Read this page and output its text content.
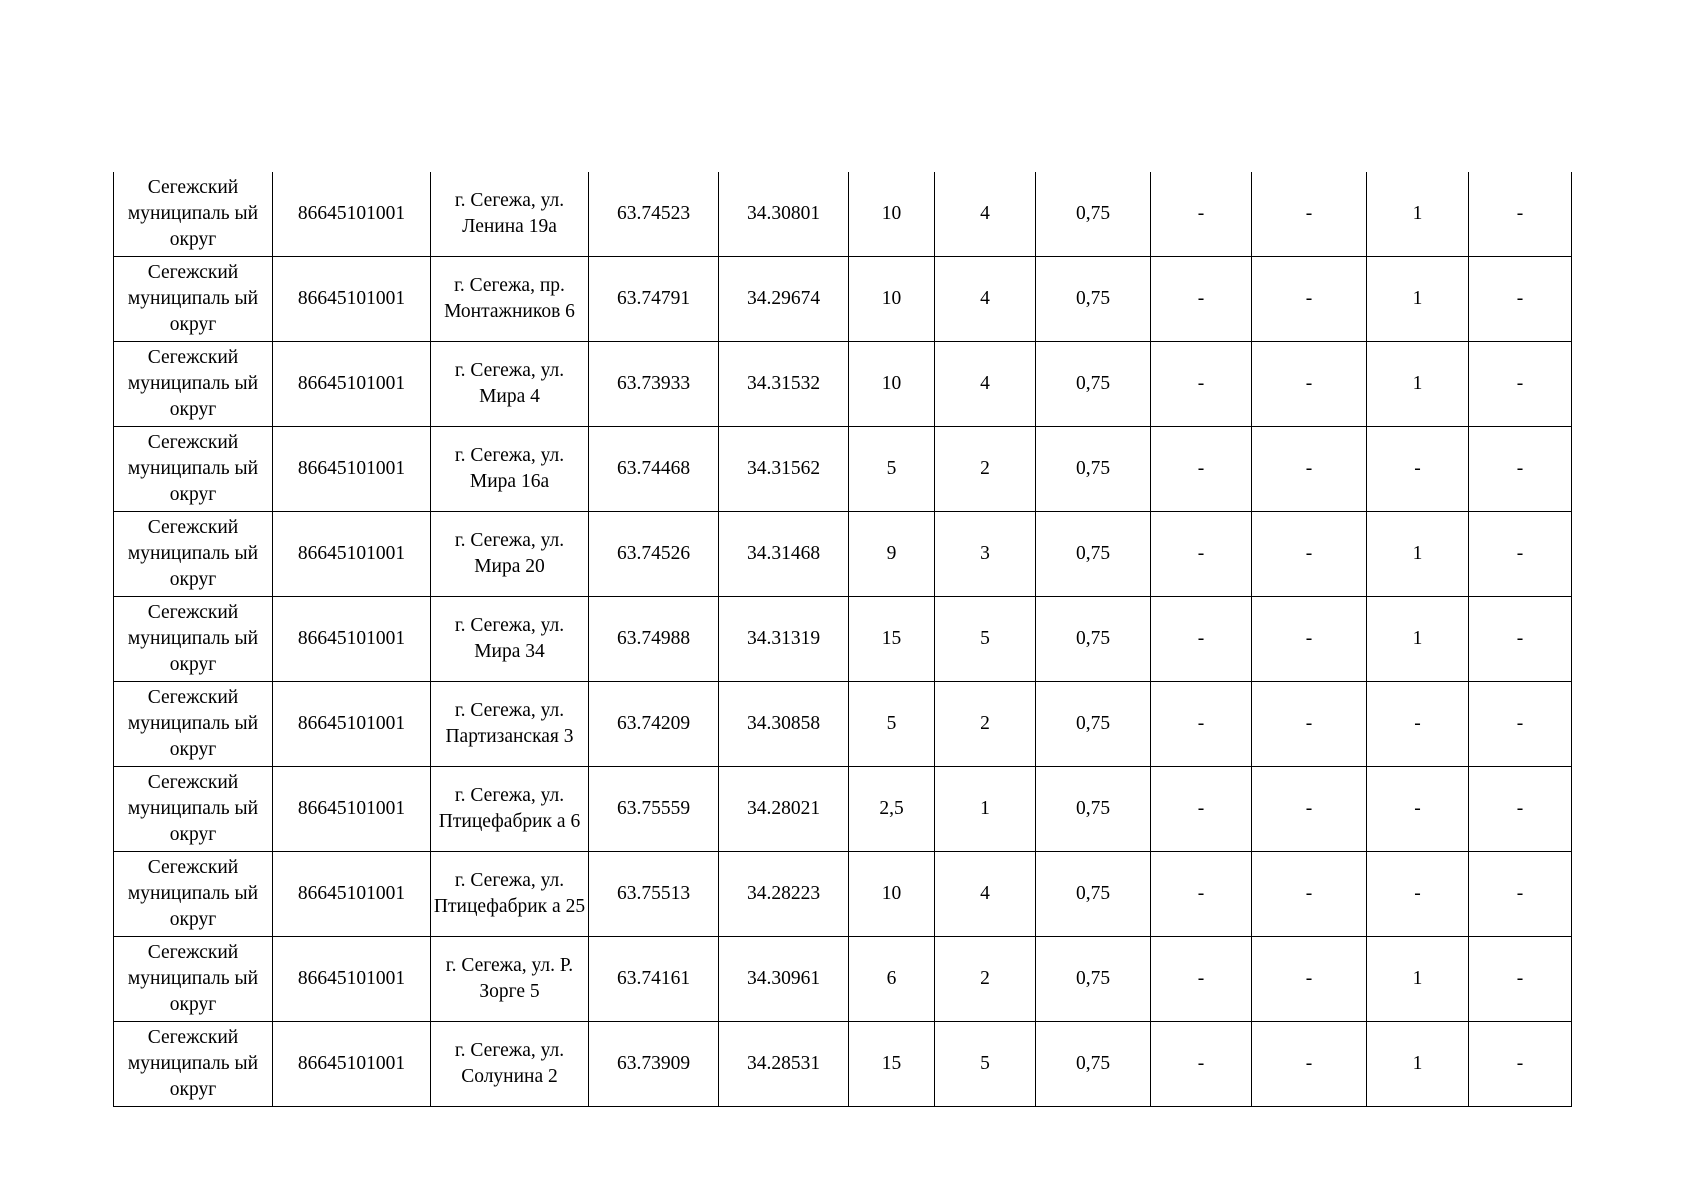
Сегежский муниципаль ый округ	86645101001	г. Сегежа, ул. Ленина 19а	63.74523	34.30801	10	4	0,75	-	-	1	-
Сегежский муниципаль ый округ	86645101001	г. Сегежа, пр. Монтажников 6	63.74791	34.29674	10	4	0,75	-	-	1	-
Сегежский муниципаль ый округ	86645101001	г. Сегежа, ул. Мира 4	63.73933	34.31532	10	4	0,75	-	-	1	-
Сегежский муниципаль ый округ	86645101001	г. Сегежа, ул. Мира 16а	63.74468	34.31562	5	2	0,75	-	-	-	-
Сегежский муниципаль ый округ	86645101001	г. Сегежа, ул. Мира 20	63.74526	34.31468	9	3	0,75	-	-	1	-
Сегежский муниципаль ый округ	86645101001	г. Сегежа, ул. Мира 34	63.74988	34.31319	15	5	0,75	-	-	1	-
Сегежский муниципаль ый округ	86645101001	г. Сегежа, ул. Партизанская 3	63.74209	34.30858	5	2	0,75	-	-	-	-
Сегежский муниципаль ый округ	86645101001	г. Сегежа, ул. Птицефабрик а 6	63.75559	34.28021	2,5	1	0,75	-	-	-	-
Сегежский муниципаль ый округ	86645101001	г. Сегежа, ул. Птицефабрик а 25	63.75513	34.28223	10	4	0,75	-	-	-	-
Сегежский муниципаль ый округ	86645101001	г. Сегежа, ул. Р. Зорге 5	63.74161	34.30961	6	2	0,75	-	-	1	-
Сегежский муниципаль ый округ	86645101001	г. Сегежа, ул. Солунина 2	63.73909	34.28531	15	5	0,75	-	-	1	-
